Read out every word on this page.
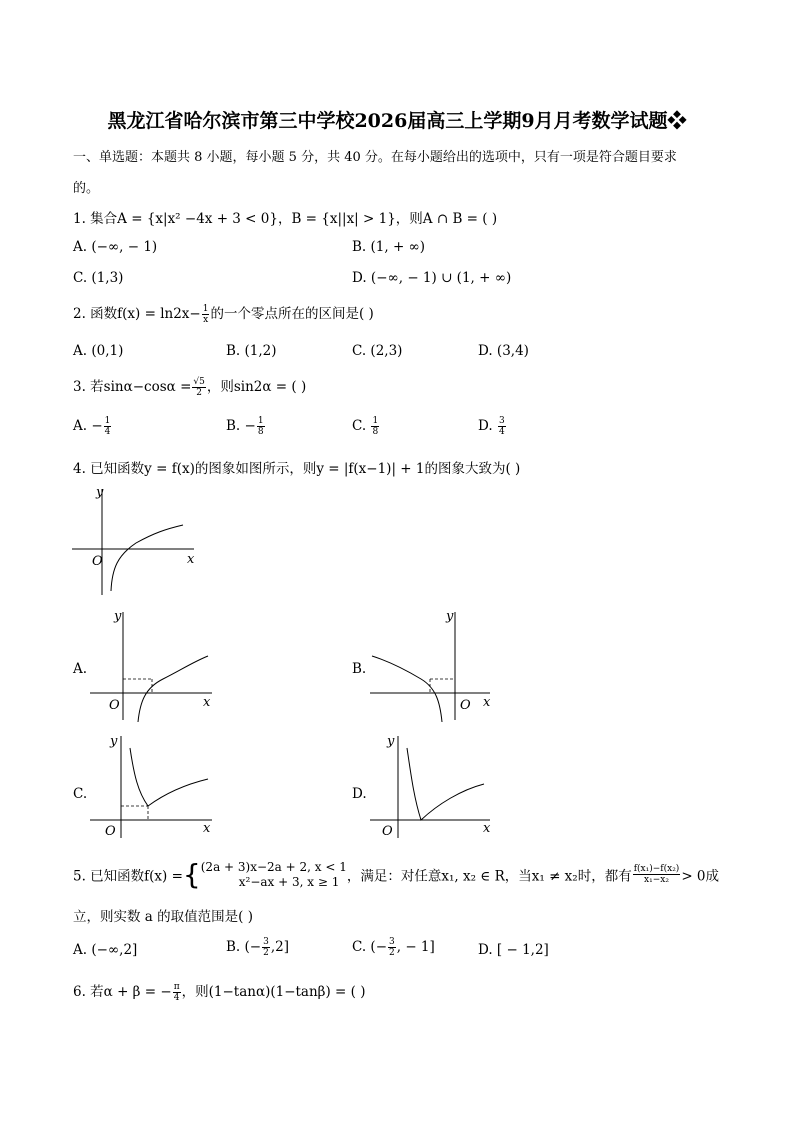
黑龙江省哈尔滨市第三中学校2026届高三上学期9月月考数学试题❖
一、单选题：本题共 8 小题，每小题 5 分，共 40 分。在每小题给出的选项中，只有一项是符合题目要求
的。
1. 集合A = {x|x² −4x + 3 < 0}，B = {x||x| > 1}，则A ∩ B = ( )
A. (−∞, − 1)	B. (1, + ∞)
C. (1,3)	D. (−∞, − 1) ∪ (1, + ∞)
2. 函数$f(x) = \ln 2x- \frac{1}{x}$ 的一个零点所在的区间是( )
A. (0,1)	B. (1,2)	C. (2,3)	D. (3,4)
3. 若$\sin\alpha-\cos\alpha = \frac{√5}{2}$ ，则sin2α = ( )
A. − $\frac{1}{4}$	B. − $\frac{1}{8}$	C. $\frac{1}{8}$	D. $\frac{3}{4}$
4. 已知函数y = f(x)的图象如图所示，则y = |f(x−1)| + 1的图象大致为( )
y
x
O
A.
y
x
O
B.
y
x
O
C.
y
x
O
D.
y
x
O
5. 已知函数f(x) ={ (2a + 3)x−2a + 2, x < 1
x²−ax + 3, x ≥ 1 ，满足：对任意x₁, x₂ ∈ R，当x₁ ≠ x₂时，都有 $\frac{\text{f(x₁)−f(x₂)}}{\text{x₁−x₂}} > 0$成
立，则实数 a 的取值范围是( )
A. (−∞,2]	B. (− $\frac{3}{2} ,2$]	C. (− $\frac{3}{2}$ , − 1]	D. [ − 1,2]
6. 若α + β = − $\frac{\pi}{4}$ ，则(1−tanα)(1−tanβ) = ( )
